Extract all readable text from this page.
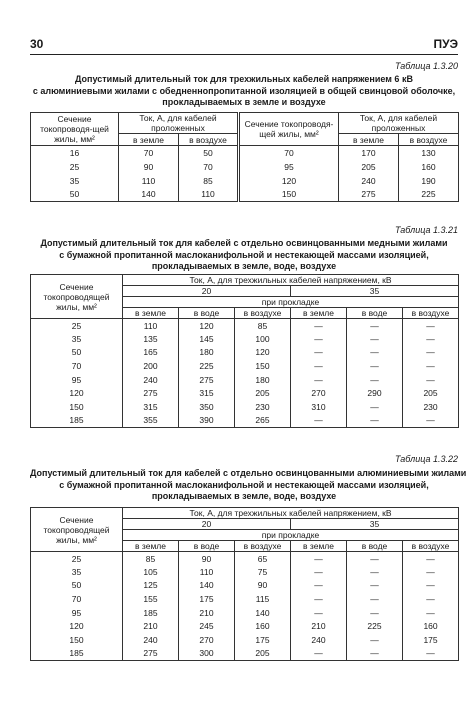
30	ПУЭ
Таблица 1.3.20
Допустимый длительный ток для трехжильных кабелей напряжением 6 кВ
с алюминиевыми жилами с обедненнопропитанной изоляцией в общей свинцовой оболочке,
прокладываемых в земле и воздухе
Сечение токопроводя-щей жилы, мм²	Ток, А, для кабелей проложенных		Сечение токопроводя-щей жилы, мм²	Ток, А, для кабелей проложенных	
	в земле	в воздухе		в земле	в воздухе
16	70	50	70	170	130
25	90	70	95	205	160
35	110	85	120	240	190
50	140	110	150	275	225
Таблица 1.3.21
Допустимый длительный ток для кабелей с отдельно освинцованными медными жилами
с бумажной пропитанной маслоканифольной и нестекающей массами изоляцией,
прокладываемых в земле, воде, воздухе
Сечение токопроводящей жилы, мм²	Ток, А, для трехжильных кабелей напряжением, кВ					
	20			35		
	при прокладке					
	в земле	в воде	в воздухе	в земле	в воде	в воздухе
25	110	120	85	—	—	—
35	135	145	100	—	—	—
50	165	180	120	—	—	—
70	200	225	150	—	—	—
95	240	275	180	—	—	—
120	275	315	205	270	290	205
150	315	350	230	310	—	230
185	355	390	265	—	—	—
Таблица 1.3.22
Допустимый длительный ток для кабелей с отдельно освинцованными алюминиевыми жилами
с бумажной пропитанной маслоканифольной и нестекающей массами изоляцией,
прокладываемых в земле, воде, воздухе
Сечение токопроводящей жилы, мм²	Ток, А, для трехжильных кабелей напряжением, кВ					
	20			35		
	при прокладке					
	в земле	в воде	в воздухе	в земле	в воде	в воздухе
25	85	90	65	—	—	—
35	105	110	75	—	—	—
50	125	140	90	—	—	—
70	155	175	115	—	—	—
95	185	210	140	—	—	—
120	210	245	160	210	225	160
150	240	270	175	240	—	175
185	275	300	205	—	—	—
